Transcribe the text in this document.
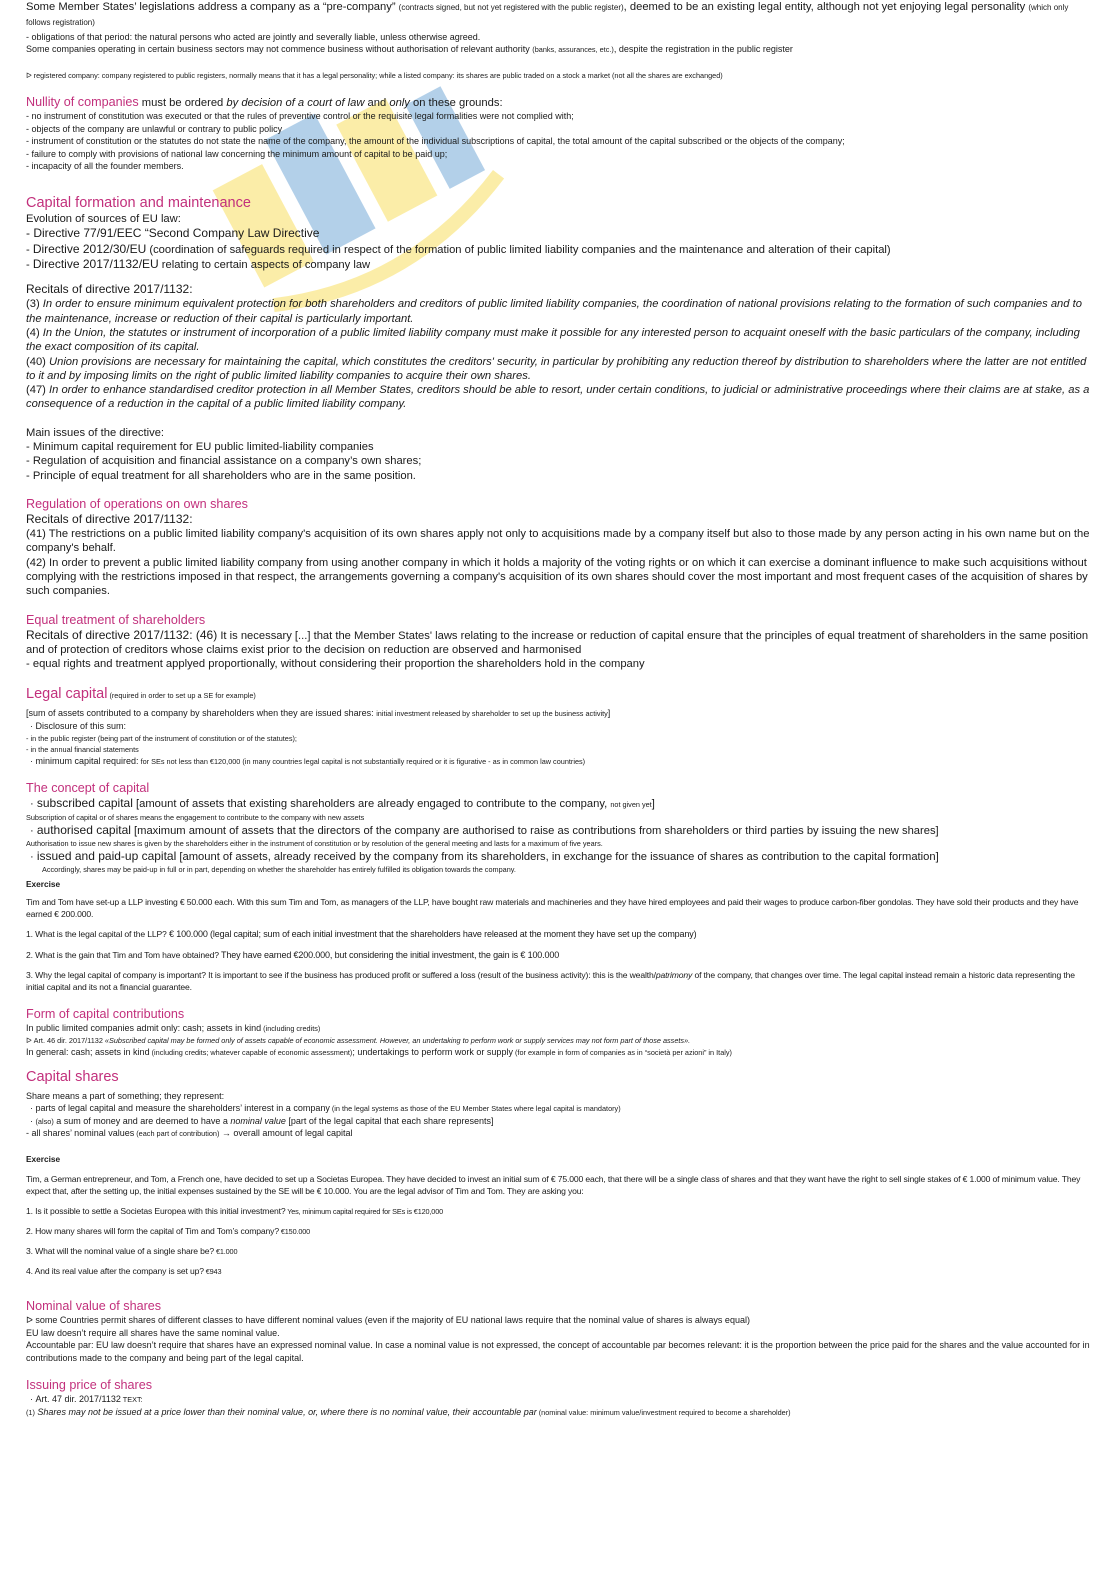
Some Member States’ legislations address a company as a “pre-company” (contracts signed, but not yet registered with the public register), deemed to be an existing legal entity, although not yet enjoying legal personality (which only follows registration)

- obligations of that period: the natural persons who acted are jointly and severally liable, unless otherwise agreed.

Some companies operating in certain business sectors may not commence business without authorisation of relevant authority (banks, assurances, etc.), despite the registration in the public register

ᐅ registered company: company registered to public registers, normally means that it has a legal personality; while a listed company: its shares are public traded on a stock a market (not all the shares are exchanged)

Nullity of companies must be ordered by decision of a court of law and only on these grounds:

- no instrument of constitution was executed or that the rules of preventive control or the requisite legal formalities were not complied with;
- objects of the company are unlawful or contrary to public policy
- instrument of constitution or the statutes do not state the name of the company, the amount of the individual subscriptions of capital, the total amount of the capital subscribed or the objects of the company;
- failure to comply with provisions of national law concerning the minimum amount of capital to be paid up;
- incapacity of all the founder members.
Capital formation and maintenance

Evolution of sources of EU law:

- Directive 77/91/EEC “Second Company Law Directive
- Directive 2012/30/EU (coordination of safeguards required in respect of the formation of public limited liability companies and the maintenance and alteration of their capital)
- Directive 2017/1132/EU relating to certain aspects of company law

Recitals of directive 2017/1132:

(3) In order to ensure minimum equivalent protection for both shareholders and creditors of public limited liability companies, the coordination of national provisions relating to the formation of such companies and to the maintenance, increase or reduction of their capital is particularly important.

(4) In the Union, the statutes or instrument of incorporation of a public limited liability company must make it possible for any interested person to acquaint oneself with the basic particulars of the company, including the exact composition of its capital.

(40) Union provisions are necessary for maintaining the capital, which constitutes the creditors' security, in particular by prohibiting any reduction thereof by distribution to shareholders where the latter are not entitled to it and by imposing limits on the right of public limited liability companies to acquire their own shares.

(47) In order to enhance standardised creditor protection in all Member States, creditors should be able to resort, under certain conditions, to judicial or administrative proceedings where their claims are at stake, as a consequence of a reduction in the capital of a public limited liability company.

Main issues of the directive:

- Minimum capital requirement for EU public limited-liability companies
- Regulation of acquisition and financial assistance on a company’s own shares;
- Principle of equal treatment for all shareholders who are in the same position.
Regulation of operations on own shares

Recitals of directive 2017/1132:

(41) The restrictions on a public limited liability company's acquisition of its own shares apply not only to acquisitions made by a company itself but also to those made by any person acting in his own name but on the company's behalf.

(42) In order to prevent a public limited liability company from using another company in which it holds a majority of the voting rights or on which it can exercise a dominant influence to make such acquisitions without complying with the restrictions imposed in that respect, the arrangements governing a company's acquisition of its own shares should cover the most important and most frequent cases of the acquisition of shares by such companies.

Equal treatment of shareholders

Recitals of directive 2017/1132: (46) It is necessary [...] that the Member States' laws relating to the increase or reduction of capital ensure that the principles of equal treatment of shareholders in the same position and of protection of creditors whose claims exist prior to the decision on reduction are observed and harmonised

- equal rights and treatment applyed proportionally, without considering their proportion the shareholders hold in the company

Legal capital (required in order to set up a SE for example)

[sum of assets contributed to a company by shareholders when they are issued shares: initial investment released by shareholder to set up the business activity]

· Disclosure of this sum:

- in the public register (being part of the instrument of constitution or of the statutes);
- in the annual financial statements

· minimum capital required: for SEs not less than €120,000 (in many countries legal capital is not substantially required or it is figurative - as in common law countries)

The concept of capital

· subscribed capital [amount of assets that existing shareholders are already engaged to contribute to the company, not given yet]

Subscription of capital or of shares means the engagement to contribute to the company with new assets

· authorised capital [maximum amount of assets that the directors of the company are authorised to raise as contributions from shareholders or third parties by issuing the new shares]

Authorisation to issue new shares is given by the shareholders either in the instrument of constitution or by resolution of the general meeting and lasts for a maximum of five years.

· issued and paid-up capital [amount of assets, already received by the company from its shareholders, in exchange for the issuance of shares as contribution to the capital formation]

Accordingly, shares may be paid-up in full or in part, depending on whether the shareholder has entirely fulfilled its obligation towards the company.

Exercise

Tim and Tom have set-up a LLP investing € 50.000 each. With this sum Tim and Tom, as managers of the LLP, have bought raw materials and machineries and they have hired employees and paid their wages to produce carbon-fiber gondolas. They have sold their products and they have earned € 200.000.

1. What is the legal capital of the LLP? € 100.000 (legal capital; sum of each initial investment that the shareholders have released at the moment they have set up the company)

2. What is the gain that Tim and Tom have obtained? They have earned €200.000, but considering the initial investment, the gain is € 100.000

3. Why the legal capital of company is important? It is important to see if the business has produced profit or suffered a loss (result of the business activity): this is the wealth/patrimony of the company, that changes over time. The legal capital instead remain a historic data representing the initial capital and its not a financial guarantee.

Form of capital contributions

In public limited companies admit only: cash; assets in kind (including credits)

ᐅ Art. 46 dir. 2017/1132 «Subscribed capital may be formed only of assets capable of economic assessment. However, an undertaking to perform work or supply services may not form part of those assets».

In general: cash; assets in kind (including credits; whatever capable of economic assessment); undertakings to perform work or supply (for example in form of companies as in “società per azioni” in Italy)

Capital shares

Share means a part of something; they represent:

· parts of legal capital and measure the shareholders’ interest in a company (in the legal systems as those of the EU Member States where legal capital is mandatory)

· (also) a sum of money and are deemed to have a nominal value [part of the legal capital that each share represents]

- all shares’ nominal values (each part of contribution) → overall amount of legal capital

Exercise

Tim, a German entrepreneur, and Tom, a French one, have decided to set up a Societas Europea. They have decided to invest an initial sum of € 75.000 each, that there will be a single class of shares and that they want have the right to sell single stakes of € 1.000 of minimum value. They expect that, after the setting up, the initial expenses sustained by the SE will be € 10.000. You are the legal advisor of Tim and Tom. They are asking you:

1. Is it possible to settle a Societas Europea with this initial investment? Yes, minimum capital required for SEs is €120,000

2. How many shares will form the capital of Tim and Tom’s company? €150.000

3. What will the nominal value of a single share be? €1.000

4. And its real value after the company is set up? €943

Nominal value of shares

ᐅ some Countries permit shares of different classes to have different nominal values (even if the majority of EU national laws require that the nominal value of shares is always equal)

EU law doesn’t require all shares have the same nominal value.

Accountable par: EU law doesn’t require that shares have an expressed nominal value. In case a nominal value is not expressed, the concept of accountable par becomes relevant: it is the proportion between the price paid for the shares and the value accounted for in contributions made to the company and being part of the legal capital.

Issuing price of shares

· Art. 47 dir. 2017/1132 TEXT:

(1) Shares may not be issued at a price lower than their nominal value, or, where there is no nominal value, their accountable par (nominal value: minimum value/investment required to become a shareholder)
